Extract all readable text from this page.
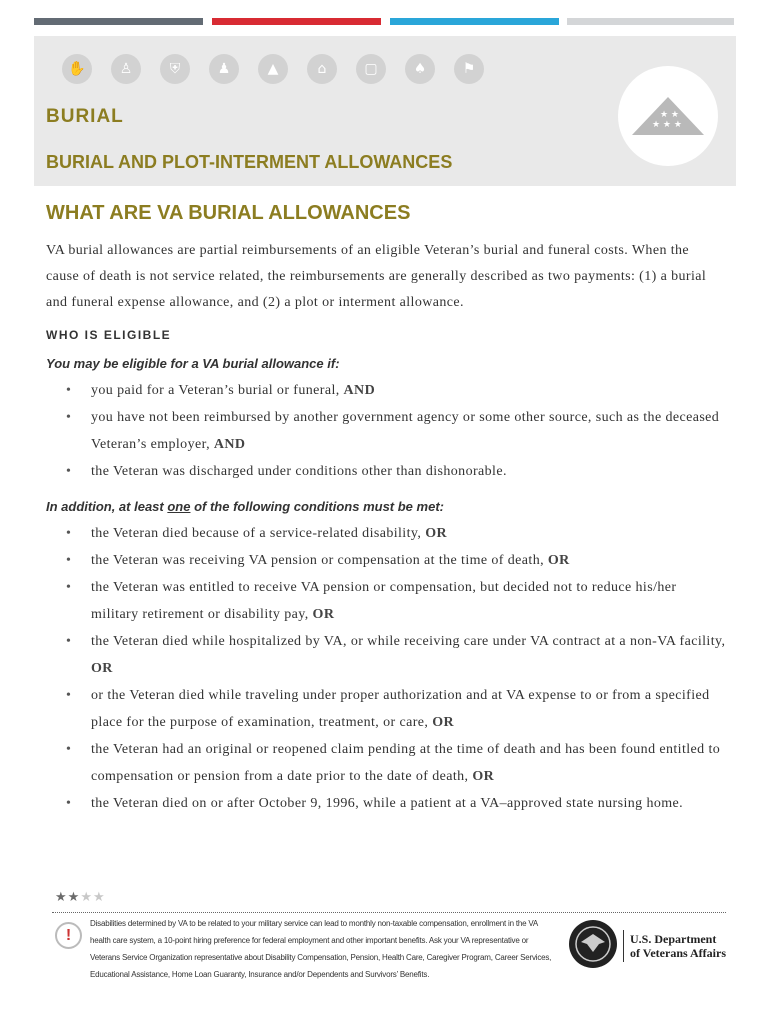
✋ ♙	⛨	♟	▲	⌂	▢	♠	⚑
★ ★ ★
★ ★
BURIAL
BURIAL AND PLOT-INTERMENT ALLOWANCES
WHAT ARE VA BURIAL ALLOWANCES

VA burial allowances are partial reimbursements of an eligible Veteran’s burial and funeral costs. When the cause of death is not service related, the reimbursements are generally described as two payments: (1) a burial and funeral expense allowance, and (2) a plot or interment allowance.

WHO IS ELIGIBLE

You may be eligible for a VA burial allowance if:

• you paid for a Veteran’s burial or funeral, AND
• you have not been reimbursed by another government agency or some other source, such as the deceased Veteran’s employer, AND
• the Veteran was discharged under conditions other than dishonorable.

In addition, at least one of the following conditions must be met:

• the Veteran died because of a service-related disability, OR
• the Veteran was receiving VA pension or compensation at the time of death, OR
• the Veteran was entitled to receive VA pension or compensation, but decided not to reduce his/her military retirement or disability pay, OR
• the Veteran died while hospitalized by VA, or while receiving care under VA contract at a non-VA facility, OR
• or the Veteran died while traveling under proper authorization and at VA expense to or from a specified place for the purpose of examination, treatment, or care, OR
• the Veteran had an original or reopened claim pending at the time of death and has been found entitled to compensation or pension from a date prior to the date of death, OR
• the Veteran died on or after October 9, 1996, while a patient at a VA–approved state nursing home.
★★★★
!
Disabilities determined by VA to be related to your military service can lead to monthly non-taxable compensation, enrollment in the VA health care system, a 10-point hiring preference for federal employment and other important benefits. Ask your VA representative or Veterans Service Organization representative about Disability Compensation, Pension, Health Care, Caregiver Program, Career Services, Educational Assistance, Home Loan Guaranty, Insurance and/or Dependents and Survivors’ Benefits.
U.S. Department
of Veterans Affairs
